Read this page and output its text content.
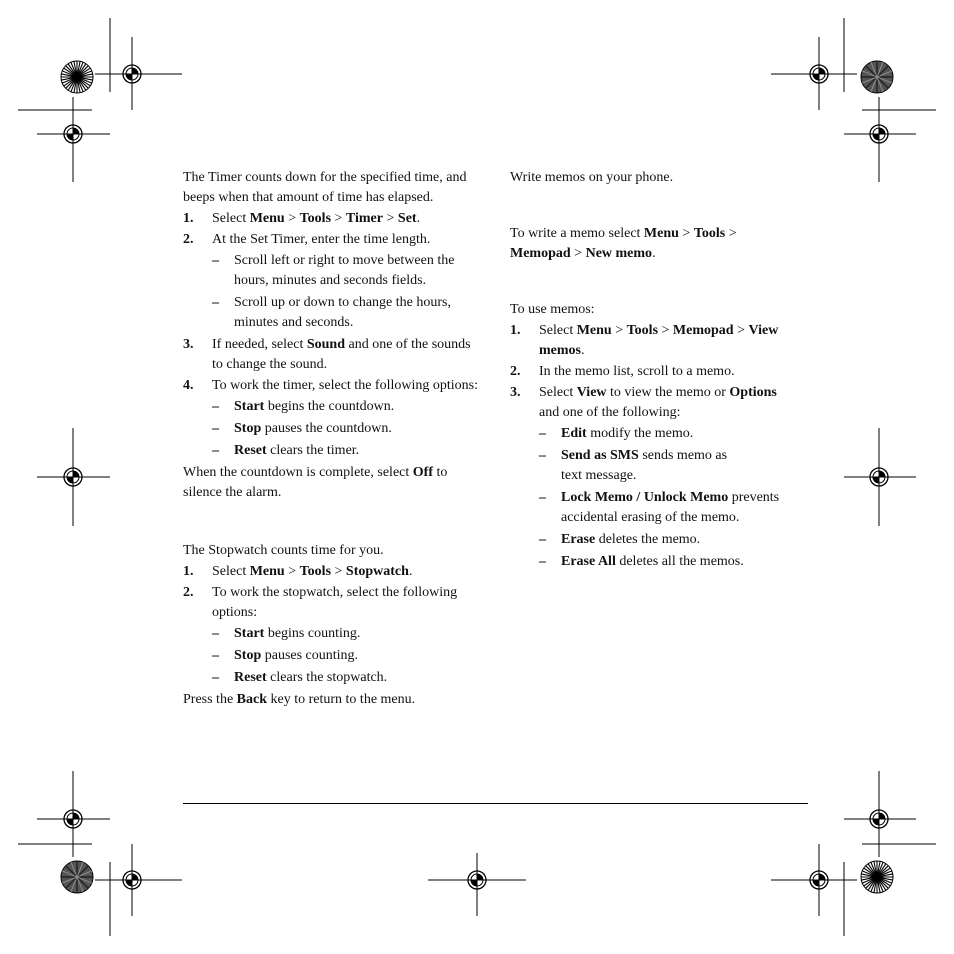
The Timer counts down for the specified time, and beeps when that amount of time has elapsed.

1.	Select Menu > Tools > Timer > Set.
2.	At the Set Timer, enter the time length.
–	Scroll left or right to move between the hours, minutes and seconds fields.
–	Scroll up or down to change the hours, minutes and seconds.
3.	If needed, select Sound and one of the sounds to change the sound.
4.	To work the timer, select the following options:
–	Start begins the countdown.
–	Stop pauses the countdown.
–	Reset clears the timer.

When the countdown is complete, select Off to silence the alarm.

The Stopwatch counts time for you.

1.	Select Menu > Tools > Stopwatch.
2.	To work the stopwatch, select the following options:
–	Start begins counting.
–	Stop pauses counting.
–	Reset clears the stopwatch.

Press the Back key to return to the menu.

Write memos on your phone.

To write a memo select Menu > Tools > Memopad > New memo.

To use memos:

1.	Select Menu > Tools > Memopad > View memos.
2.	In the memo list, scroll to a memo.
3.	Select View to view the memo or Options and one of the following:
–	Edit modify the memo.
–	Send as SMS sends memo as text message.
–	Lock Memo / Unlock Memo prevents accidental erasing of the memo.
–	Erase deletes the memo.
–	Erase All deletes all the memos.
